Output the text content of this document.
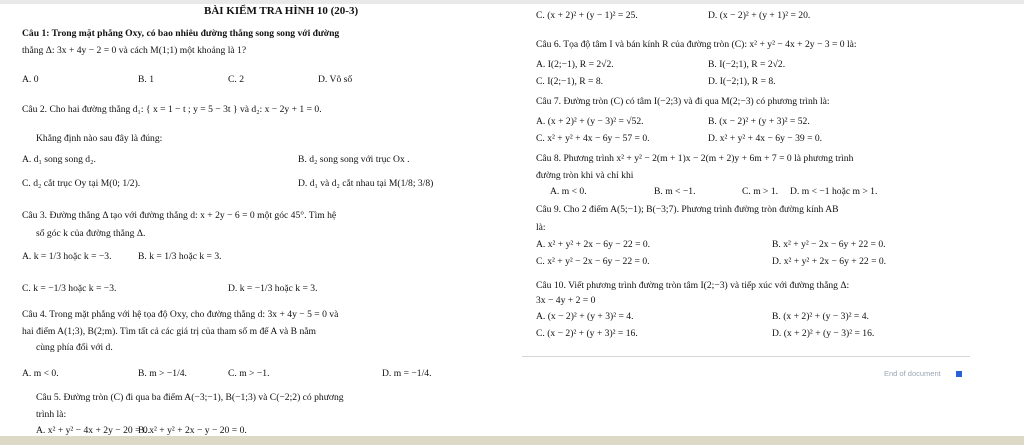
BÀI KIỂM TRA HÌNH 10 (20-3)
Câu 1: Trong mặt phẳng Oxy, có bao nhiêu đường thẳng song song với đường
thẳng Δ: 3x + 4y − 2 = 0 và cách M(1;1) một khoảng là 1?
A. 0	B. 1	C. 2	D. Vô số
Câu 2. Cho hai đường thẳng d₁: { x = 1 − t ; y = 5 − 3t } và d₂: x − 2y + 1 = 0.
Khẳng định nào sau đây là đúng:
A. d₁ song song d₂.	B. d₂ song song với trục Ox .
C. d₂ cắt trục Oy tại M(0; 1/2).	D. d₁ và d₂ cắt nhau tại M(1/8; 3/8)
Câu 3. Đường thẳng Δ tạo với đường thẳng d: x + 2y − 6 = 0 một góc 45°. Tìm hệ
số góc k của đường thẳng Δ.
A. k = 1/3 hoặc k = −3.	B. k = 1/3 hoặc k = 3.
C. k = −1/3 hoặc k = −3.	D. k = −1/3 hoặc k = 3.
Câu 4. Trong mặt phẳng với hệ tọa độ Oxy, cho đường thẳng d: 3x + 4y − 5 = 0 và
hai điểm A(1;3), B(2;m). Tìm tất cả các giá trị của tham số m để A và B nằm
cùng phía đối với d.
A. m < 0.	B. m > −1/4.	C. m > −1.	D. m = −1/4.
Câu 5. Đường tròn (C) đi qua ba điểm A(−3;−1), B(−1;3) và C(−2;2) có phương
trình là:
A. x² + y² − 4x + 2y − 20 = 0.
B. x² + y² + 2x − y − 20 = 0.
C. (x + 2)² + (y − 1)² = 25.	D. (x − 2)² + (y + 1)² = 20.
Câu 6. Tọa độ tâm I và bán kính R của đường tròn (C): x² + y² − 4x + 2y − 3 = 0 là:
A. I(2;−1), R = 2√2.	B. I(−2;1), R = 2√2.
C. I(2;−1), R = 8.	D. I(−2;1), R = 8.
Câu 7. Đường tròn (C) có tâm I(−2;3) và đi qua M(2;−3) có phương trình là:
A. (x + 2)² + (y − 3)² = √52.	B. (x − 2)² + (y + 3)² = 52.
C. x² + y² + 4x − 6y − 57 = 0.	D. x² + y² + 4x − 6y − 39 = 0.
Câu 8. Phương trình x² + y² − 2(m + 1)x − 2(m + 2)y + 6m + 7 = 0 là phương trình
đường tròn khi và chỉ khi
A. m < 0.	B. m < −1.	C. m > 1. D. m < −1 hoặc m > 1.
Câu 9. Cho 2 điểm A(5;−1); B(−3;7). Phương trình đường tròn đường kính AB
là:
A. x² + y² + 2x − 6y − 22 = 0.	B. x² + y² − 2x − 6y + 22 = 0.
C. x² + y² − 2x − 6y − 22 = 0.	D. x² + y² + 2x − 6y + 22 = 0.
Câu 10. Viết phương trình đường tròn tâm I(2;−3) và tiếp xúc với đường thẳng Δ:
3x − 4y + 2 = 0
A. (x − 2)² + (y + 3)² = 4.	B. (x + 2)² + (y − 3)² = 4.
C. (x − 2)² + (y + 3)² = 16.	D. (x + 2)² + (y − 3)² = 16.
End of document
